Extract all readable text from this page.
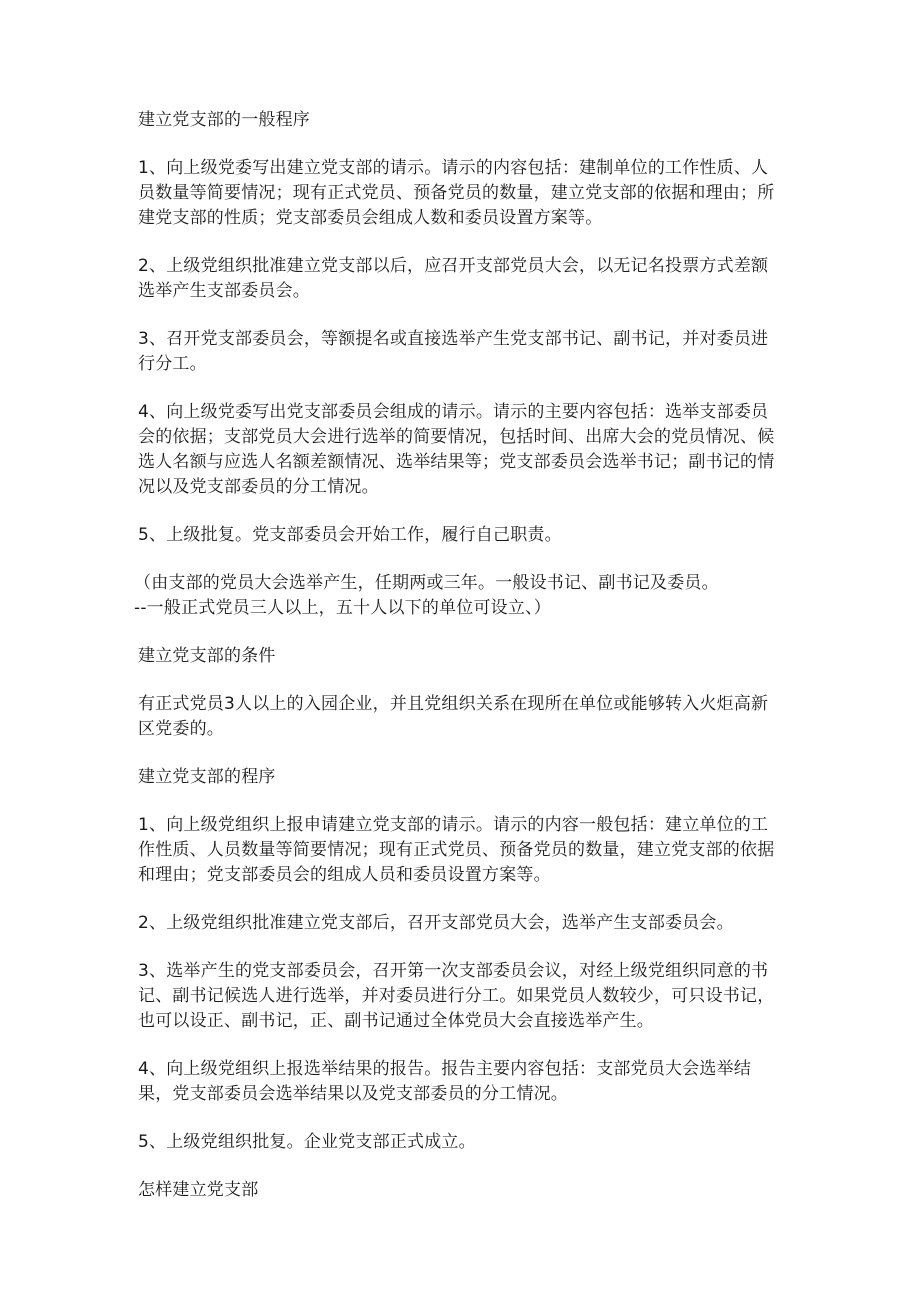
建立党支部的一般程序

1、向上级党委写出建立党支部的请示。请示的内容包括：建制单位的工作性质、人员数量等简要情况；现有正式党员、预备党员的数量，建立党支部的依据和理由；所建党支部的性质；党支部委员会组成人数和委员设置方案等。

2、上级党组织批准建立党支部以后，应召开支部党员大会，以无记名投票方式差额选举产生支部委员会。

3、召开党支部委员会，等额提名或直接选举产生党支部书记、副书记，并对委员进行分工。

4、向上级党委写出党支部委员会组成的请示。请示的主要内容包括：选举支部委员会的依据；支部党员大会进行选举的简要情况，包括时间、出席大会的党员情况、候选人名额与应选人名额差额情况、选举结果等；党支部委员会选举书记；副书记的情况以及党支部委员的分工情况。

5、上级批复。党支部委员会开始工作，履行自己职责。

（由支部的党员大会选举产生，任期两或三年。一般设书记、副书记及委员。
--一般正式党员三人以上，五十人以下的单位可设立、）

建立党支部的条件

有正式党员3人以上的入园企业，并且党组织关系在现所在单位或能够转入火炬高新区党委的。

建立党支部的程序

1、向上级党组织上报申请建立党支部的请示。请示的内容一般包括：建立单位的工作性质、人员数量等简要情况；现有正式党员、预备党员的数量，建立党支部的依据和理由；党支部委员会的组成人员和委员设置方案等。

2、上级党组织批准建立党支部后，召开支部党员大会，选举产生支部委员会。

3、选举产生的党支部委员会，召开第一次支部委员会议，对经上级党组织同意的书记、副书记候选人进行选举，并对委员进行分工。如果党员人数较少，可只设书记，也可以设正、副书记，正、副书记通过全体党员大会直接选举产生。

4、向上级党组织上报选举结果的报告。报告主要内容包括：支部党员大会选举结果，党支部委员会选举结果以及党支部委员的分工情况。

5、上级党组织批复。企业党支部正式成立。

怎样建立党支部
